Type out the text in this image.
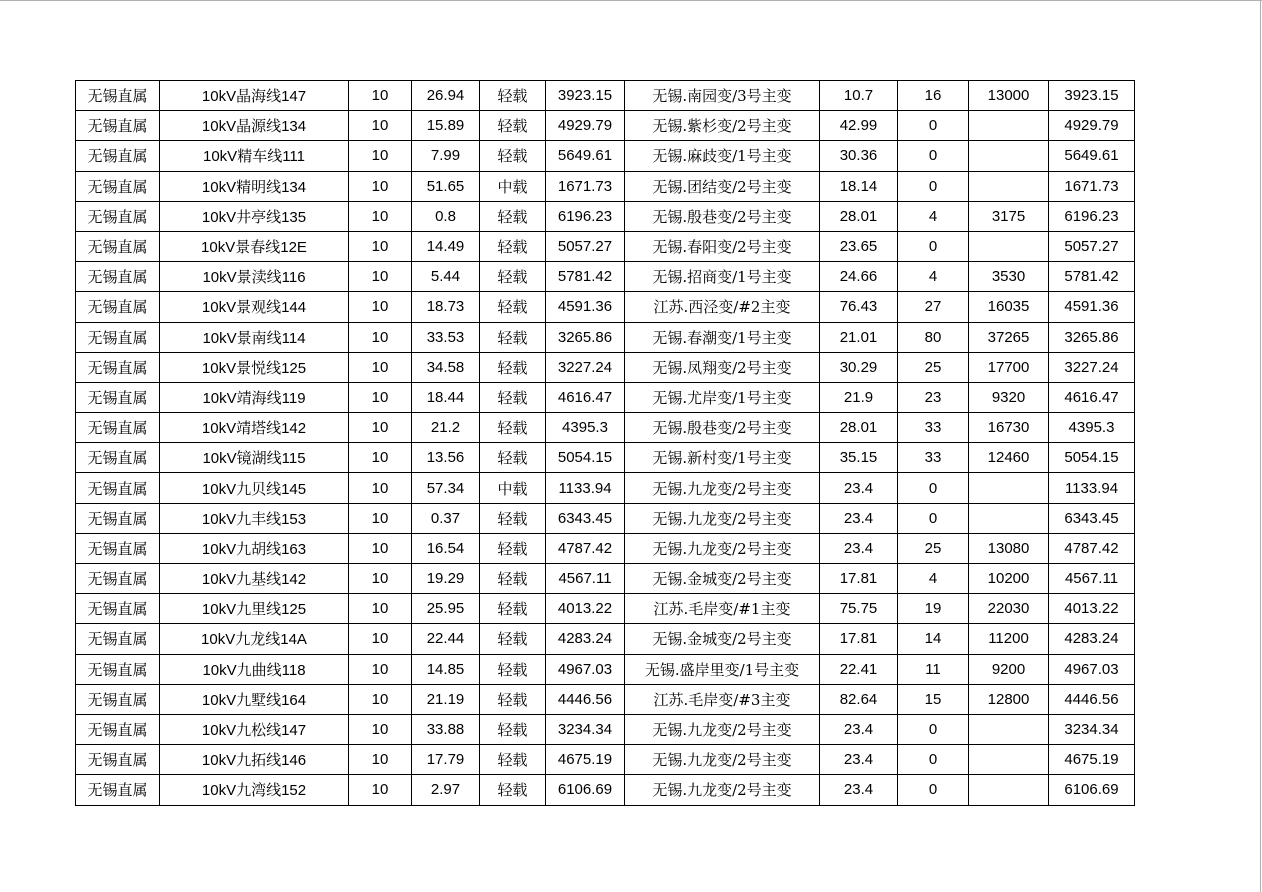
无锡直属	10kV晶海线147	10	26.94	轻载	3923.15	无锡.南园变/3号主变	10.7	16	13000	3923.15
无锡直属	10kV晶源线134	10	15.89	轻载	4929.79	无锡.紫杉变/2号主变	42.99	0		4929.79
无锡直属	10kV精车线111	10	7.99	轻载	5649.61	无锡.麻歧变/1号主变	30.36	0		5649.61
无锡直属	10kV精明线134	10	51.65	中载	1671.73	无锡.团结变/2号主变	18.14	0		1671.73
无锡直属	10kV井亭线135	10	0.8	轻载	6196.23	无锡.殷巷变/2号主变	28.01	4	3175	6196.23
无锡直属	10kV景春线12E	10	14.49	轻载	5057.27	无锡.春阳变/2号主变	23.65	0		5057.27
无锡直属	10kV景渎线116	10	5.44	轻载	5781.42	无锡.招商变/1号主变	24.66	4	3530	5781.42
无锡直属	10kV景观线144	10	18.73	轻载	4591.36	江苏.西泾变/#2主变	76.43	27	16035	4591.36
无锡直属	10kV景南线114	10	33.53	轻载	3265.86	无锡.春潮变/1号主变	21.01	80	37265	3265.86
无锡直属	10kV景悦线125	10	34.58	轻载	3227.24	无锡.凤翔变/2号主变	30.29	25	17700	3227.24
无锡直属	10kV靖海线119	10	18.44	轻载	4616.47	无锡.尤岸变/1号主变	21.9	23	9320	4616.47
无锡直属	10kV靖塔线142	10	21.2	轻载	4395.3	无锡.殷巷变/2号主变	28.01	33	16730	4395.3
无锡直属	10kV镜湖线115	10	13.56	轻载	5054.15	无锡.新村变/1号主变	35.15	33	12460	5054.15
无锡直属	10kV九贝线145	10	57.34	中载	1133.94	无锡.九龙变/2号主变	23.4	0		1133.94
无锡直属	10kV九丰线153	10	0.37	轻载	6343.45	无锡.九龙变/2号主变	23.4	0		6343.45
无锡直属	10kV九胡线163	10	16.54	轻载	4787.42	无锡.九龙变/2号主变	23.4	25	13080	4787.42
无锡直属	10kV九基线142	10	19.29	轻载	4567.11	无锡.金城变/2号主变	17.81	4	10200	4567.11
无锡直属	10kV九里线125	10	25.95	轻载	4013.22	江苏.毛岸变/#1主变	75.75	19	22030	4013.22
无锡直属	10kV九龙线14A	10	22.44	轻载	4283.24	无锡.金城变/2号主变	17.81	14	11200	4283.24
无锡直属	10kV九曲线118	10	14.85	轻载	4967.03	无锡.盛岸里变/1号主变	22.41	11	9200	4967.03
无锡直属	10kV九墅线164	10	21.19	轻载	4446.56	江苏.毛岸变/#3主变	82.64	15	12800	4446.56
无锡直属	10kV九松线147	10	33.88	轻载	3234.34	无锡.九龙变/2号主变	23.4	0		3234.34
无锡直属	10kV九拓线146	10	17.79	轻载	4675.19	无锡.九龙变/2号主变	23.4	0		4675.19
无锡直属	10kV九湾线152	10	2.97	轻载	6106.69	无锡.九龙变/2号主变	23.4	0		6106.69
